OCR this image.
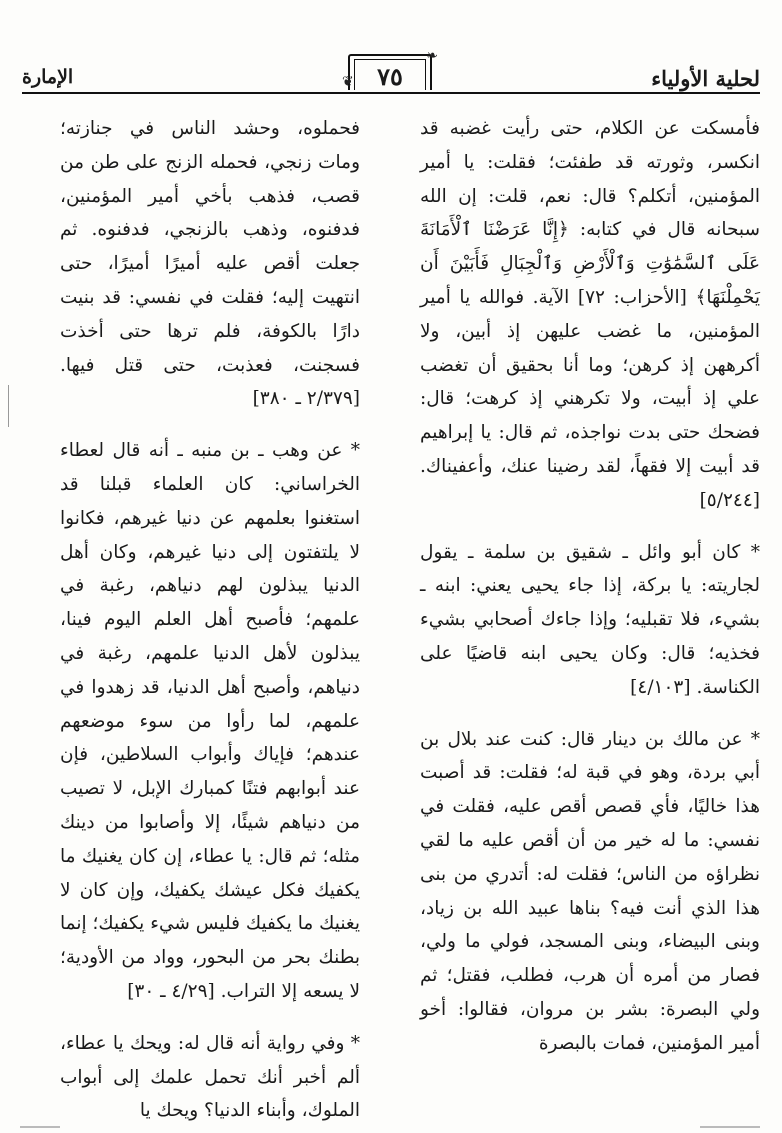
❦
❧
٧٥	لحلية الأولياء
الإمارة

فأمسكت عن الكلام، حتى رأيت غضبه قد انكسر، وثورته قد طفئت؛ فقلت: يا أمير المؤمنين، أتكلم؟ قال: نعم، قلت: إن الله سبحانه قال في كتابه: ﴿إِنَّا عَرَضْنَا ٱلْأَمَانَةَ عَلَى ٱلسَّمَٰوَٰتِ وَٱلْأَرْضِ وَٱلْجِبَالِ فَأَبَيْنَ أَن يَحْمِلْنَهَا﴾ [الأحزاب: ٧٢] الآية. فوالله يا أمير المؤمنين، ما غضب عليهن إذ أبين، ولا أكرههن إذ كرهن؛ وما أنا بحقيق أن تغضب علي إذ أبيت، ولا تكرهني إذ كرهت؛ قال: فضحك حتى بدت نواجذه، ثم قال: يا إبراهيم قد أبيت إلا فقهاً، لقد رضينا عنك، وأعفيناك. [٥/٢٤٤]

* كان أبو وائل ـ شقيق بن سلمة ـ يقول لجاريته: يا بركة، إذا جاء يحيى يعني: ابنه ـ بشيء، فلا تقبليه؛ وإذا جاءك أصحابي بشيء فخذيه؛ قال: وكان يحيى ابنه قاضيًا على الكناسة. [٤/١٠٣]

* عن مالك بن دينار قال: كنت عند بلال بن أبي بردة، وهو في قبة له؛ فقلت: قد أصبت هذا خاليًا، فأي قصص أقص عليه، فقلت في نفسي: ما له خير من أن أقص عليه ما لقي نظراؤه من الناس؛ فقلت له: أتدري من بنى هذا الذي أنت فيه؟ بناها عبيد الله بن زياد، وبنى البيضاء، وبنى المسجد، فولي ما ولي، فصار من أمره أن هرب، فطلب، فقتل؛ ثم ولي البصرة: بشر بن مروان، فقالوا: أخو أمير المؤمنين، فمات بالبصرة

فحملوه، وحشد الناس في جنازته؛ ومات زنجي، فحمله الزنج على طن من قصب، فذهب بأخي أمير المؤمنين، فدفنوه، وذهب بالزنجي، فدفنوه. ثم جعلت أقص عليه أميرًا أميرًا، حتى انتهيت إليه؛ فقلت في نفسي: قد بنيت دارًا بالكوفة، فلم ترها حتى أخذت فسجنت، فعذبت، حتى قتل فيها. [٢/٣٧٩ ـ ٣٨٠]

* عن وهب ـ بن منبه ـ أنه قال لعطاء الخراساني: كان العلماء قبلنا قد استغنوا بعلمهم عن دنيا غيرهم، فكانوا لا يلتفتون إلى دنيا غيرهم، وكان أهل الدنيا يبذلون لهم دنياهم، رغبة في علمهم؛ فأصبح أهل العلم اليوم فينا، يبذلون لأهل الدنيا علمهم، رغبة في دنياهم، وأصبح أهل الدنيا، قد زهدوا في علمهم، لما رأوا من سوء موضعهم عندهم؛ فإياك وأبواب السلاطين، فإن عند أبوابهم فتنًا كمبارك الإبل، لا تصيب من دنياهم شيئًا، إلا وأصابوا من دينك مثله؛ ثم قال: يا عطاء، إن كان يغنيك ما يكفيك فكل عيشك يكفيك، وإن كان لا يغنيك ما يكفيك فليس شيء يكفيك؛ إنما بطنك بحر من البحور، وواد من الأودية؛ لا يسعه إلا التراب. [٤/٢٩ ـ ٣٠]

* وفي رواية أنه قال له: ويحك يا عطاء، ألم أخبر أنك تحمل علمك إلى أبواب الملوك، وأبناء الدنيا؟ ويحك يا
